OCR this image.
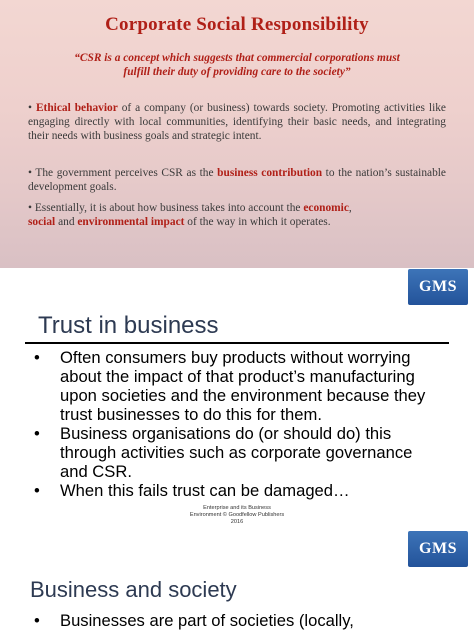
Corporate Social Responsibility
“CSR is a concept which suggests that commercial corporations must fulfill their duty of providing care to the society”
• Ethical behavior of a company (or business) towards society. Promoting activities like engaging directly with local communities, identifying their basic needs, and integrating their needs with business goals and strategic intent.
• The government perceives CSR as the business contribution to the nation’s sustainable development goals.
• Essentially, it is about how business takes into account the economic,
social and environmental impact of the way in which it operates.
GMS
Trust in business
• Often consumers buy products without worrying about the impact of that product’s manufacturing upon societies and the environment because they trust businesses to do this for them.
• Business organisations do (or should do) this through activities such as corporate governance and CSR.
• When this fails trust can be damaged…
Enterprise and its Business
Environment © Goodfellow Publishers
2016
GMS
Business and society
• Businesses are part of societies (locally,
